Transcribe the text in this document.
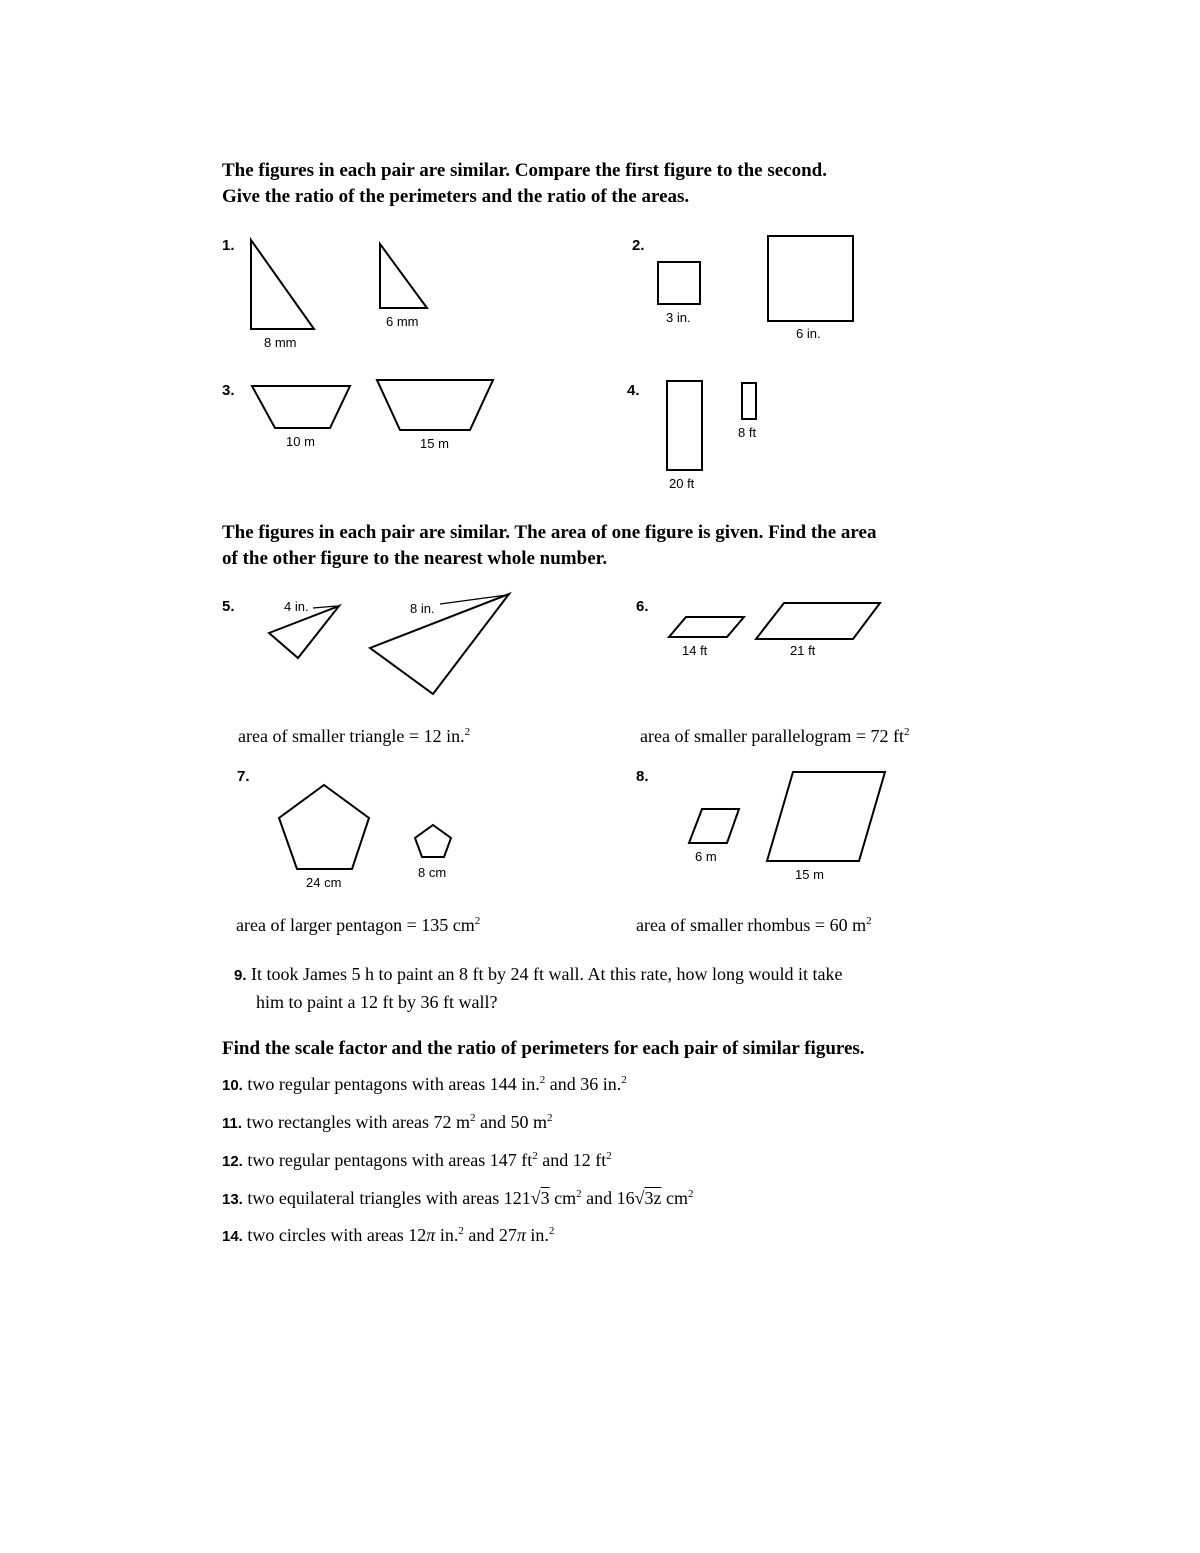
The figures in each pair are similar. Compare the first figure to the second.
Give the ratio of the perimeters and the ratio of the areas.
1.
8 mm
6 mm
2.
3 in.
6 in.
3.
10 m	15 m
4.
20 ft
8 ft
The figures in each pair are similar. The area of one figure is given. Find the area
of the other figure to the nearest whole number.
5.	4 in.	8 in.
area of smaller triangle = 12 in.$^2$
6.
14 ft	21 ft
area of smaller parallelogram = 72 $ft^2$
7.
24 cm
8 cm
area of larger pentagon = 135 $cm^2$
8.
6 m
15 m
area of smaller rhombus = 60 $m^2$
9. It took James 5 h to paint an 8 ft by 24 ft wall. At this rate, how long would it take
him to paint a 12 ft by 36 ft wall?
Find the scale factor and the ratio of perimeters for each pair of similar figures.
10. two regular pentagons with areas 144 in.$^2$ and 36 in.$^2$
11. two rectangles with areas 72 $m^2$ and 50 $m^2$
12. two regular pentagons with areas 147 $ft^2$ and 12 $ft^2$
13. two equilateral triangles with areas 121√3 $cm^2$ and 16√3z $cm^2$
14. two circles with areas 12π in.$^2$ and 27π in.$^2$
